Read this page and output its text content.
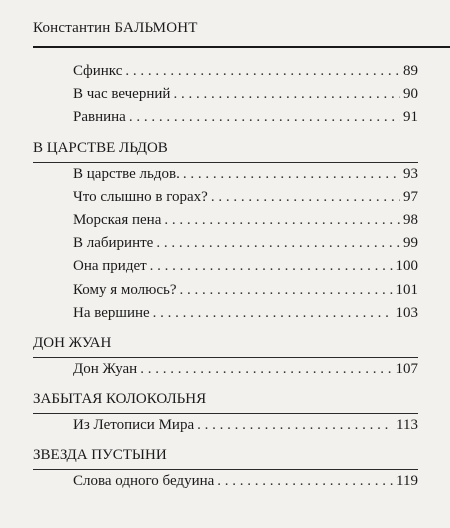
Константин БАЛЬМОНТ
Сфинкс . . .	89
В час вечерний . . .	90
Равнина . . .	91
В ЦАРСТВЕ ЛЬДОВ
В царстве льдов. . . .	93
Что слышно в горах? . . .	97
Морская пена . . .	98
В лабиринте . . .	99
Она придет . . .	100
Кому я молюсь? . . .	101
На вершине . . .	103
ДОН ЖУАН
Дон Жуан . . .	107
ЗАБЫТАЯ КОЛОКОЛЬНЯ
Из Летописи Мира . . .	113
ЗВЕЗДА ПУСТЫНИ
Слова одного бедуина . . .	119
